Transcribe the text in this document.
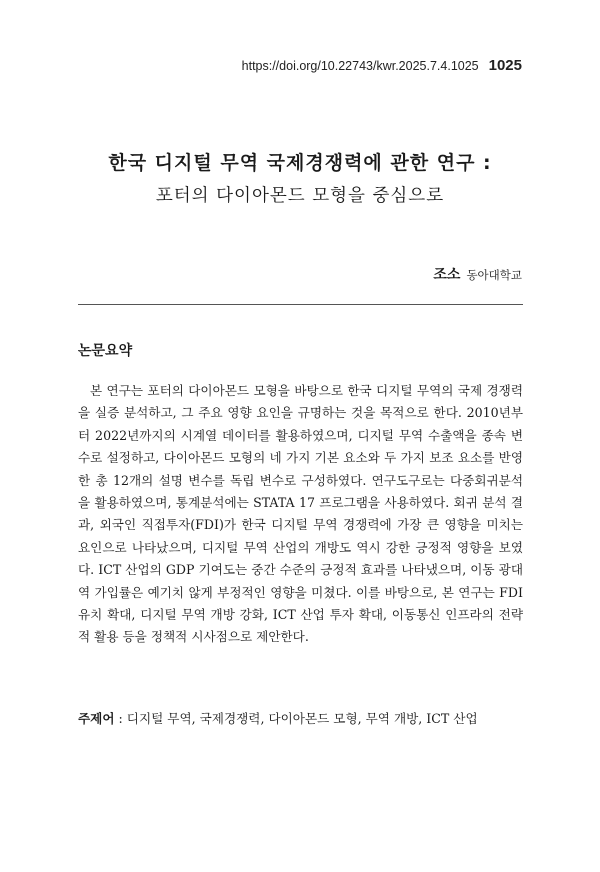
https://doi.org/10.22743/kwr.2025.7.4.1025 1025
한국 디지털 무역 국제경쟁력에 관한 연구 :
포터의 다이아몬드 모형을 중심으로
조소 동아대학교
논문요약

본 연구는 포터의 다이아몬드 모형을 바탕으로 한국 디지털 무역의 국제 경쟁력을 실증 분석하고, 그 주요 영향 요인을 규명하는 것을 목적으로 한다. 2010년부터 2022년까지의 시계열 데이터를 활용하였으며, 디지털 무역 수출액을 종속 변수로 설정하고, 다이아몬드 모형의 네 가지 기본 요소와 두 가지 보조 요소를 반영한 총 12개의 설명 변수를 독립 변수로 구성하였다. 연구도구로는 다중회귀분석을 활용하였으며, 통계분석에는 STATA 17 프로그램을 사용하였다. 회귀 분석 결과, 외국인 직접투자(FDI)가 한국 디지털 무역 경쟁력에 가장 큰 영향을 미치는 요인으로 나타났으며, 디지털 무역 산업의 개방도 역시 강한 긍정적 영향을 보였다. ICT 산업의 GDP 기여도는 중간 수준의 긍정적 효과를 나타냈으며, 이동 광대역 가입률은 예기치 않게 부정적인 영향을 미쳤다. 이를 바탕으로, 본 연구는 FDI 유치 확대, 디지털 무역 개방 강화, ICT 산업 투자 확대, 이동통신 인프라의 전략적 활용 등을 정책적 시사점으로 제안한다.

주제어 : 디지털 무역, 국제경쟁력, 다이아몬드 모형, 무역 개방, ICT 산업
